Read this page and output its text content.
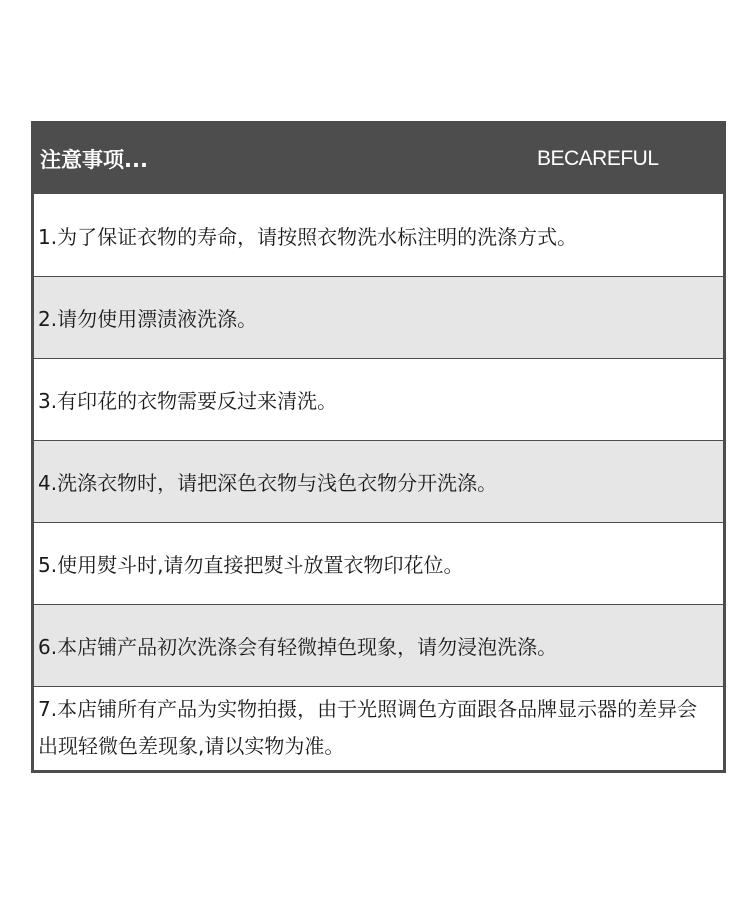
注意事项...	BECAREFUL
1.为了保证衣物的寿命，请按照衣物洗水标注明的洗涤方式。
2.请勿使用漂渍液洗涤。
3.有印花的衣物需要反过来清洗。
4.洗涤衣物时，请把深色衣物与浅色衣物分开洗涤。
5.使用熨斗时,请勿直接把熨斗放置衣物印花位。
6.本店铺产品初次洗涤会有轻微掉色现象，请勿浸泡洗涤。
7.本店铺所有产品为实物拍摄，由于光照调色方面跟各品牌显示器的差异会出现轻微色差现象,请以实物为准。
